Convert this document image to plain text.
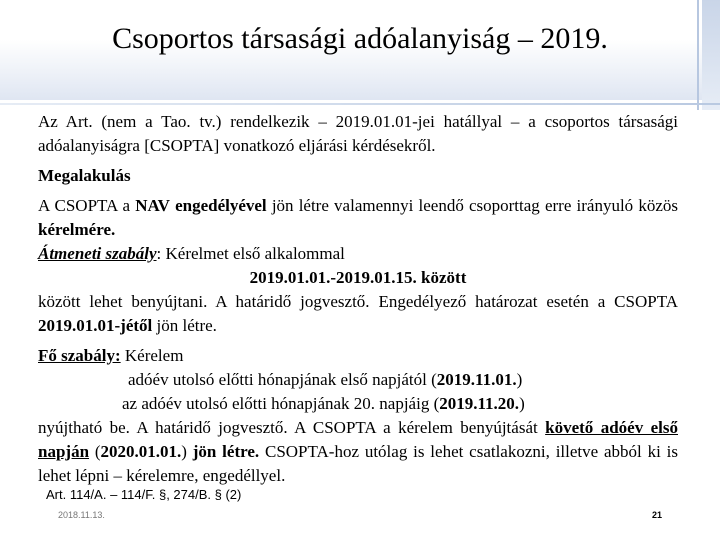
Csoportos társasági adóalanyiság – 2019.

Az Art. (nem a Tao. tv.) rendelkezik – 2019.01.01-jei hatállyal – a csoportos társasági adóalanyiságra [CSOPTA] vonatkozó eljárási kérdésekről.

Megalakulás

A CSOPTA a NAV engedélyével jön létre valamennyi leendő csoporttag erre irányuló közös kérelmére.

Átmeneti szabály: Kérelmet első alkalommal

2019.01.01.-2019.01.15. között

között lehet benyújtani. A határidő jogvesztő. Engedélyező határozat esetén a CSOPTA 2019.01.01-jétől jön létre.

Fő szabály: Kérelem

adóév utolsó előtti hónapjának első napjától (2019.11.01.)

az adóév utolsó előtti hónapjának 20. napjáig (2019.11.20.)

nyújtható be. A határidő jogvesztő. A CSOPTA a kérelem benyújtását követő adóév első napján (2020.01.01.) jön létre. CSOPTA-hoz utólag is lehet csatlakozni, illetve abból ki is lehet lépni – kérelemre, engedéllyel.

Art. 114/A. – 114/F. §, 274/B. § (2)
2018.11.13.	21
